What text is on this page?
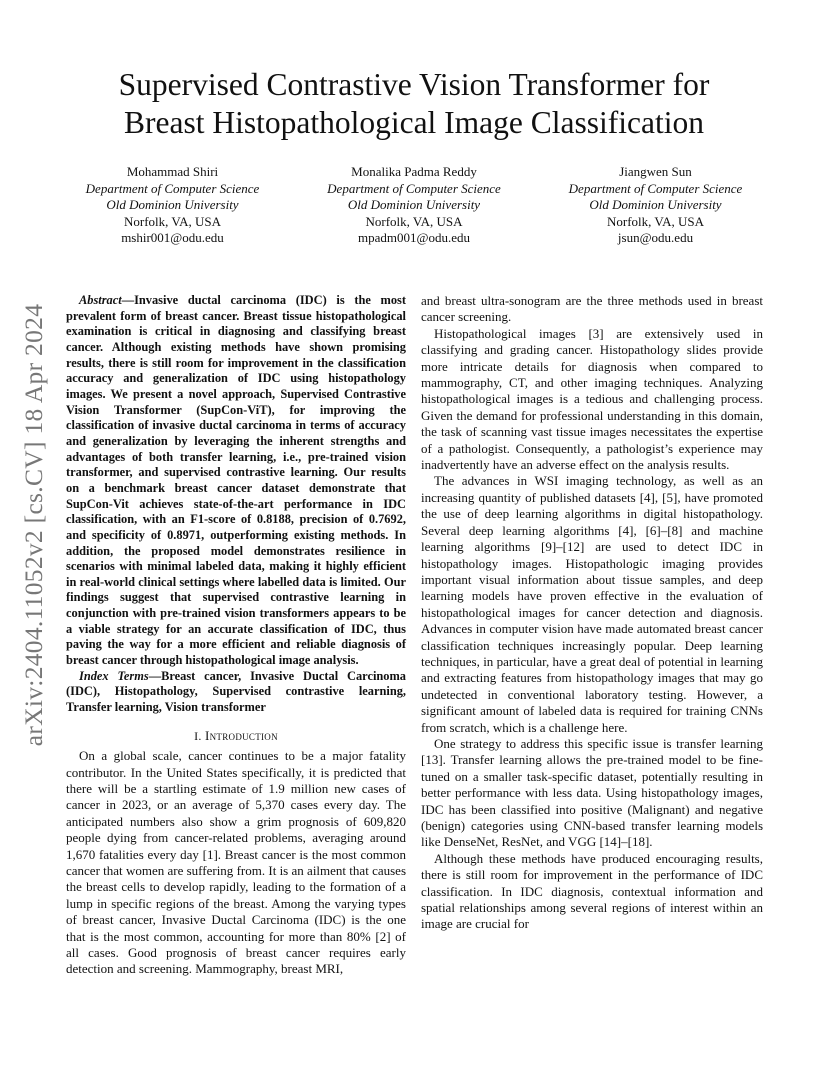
arXiv:2404.11052v2 [cs.CV] 18 Apr 2024
Supervised Contrastive Vision Transformer for
Breast Histopathological Image Classification
Mohammad Shiri
Department of Computer Science
Old Dominion University
Norfolk, VA, USA
mshir001@odu.edu
Monalika Padma Reddy
Department of Computer Science
Old Dominion University
Norfolk, VA, USA
mpadm001@odu.edu
Jiangwen Sun
Department of Computer Science
Old Dominion University
Norfolk, VA, USA
jsun@odu.edu

Abstract—Invasive ductal carcinoma (IDC) is the most prevalent form of breast cancer. Breast tissue histopathological examination is critical in diagnosing and classifying breast cancer. Although existing methods have shown promising results, there is still room for improvement in the classification accuracy and generalization of IDC using histopathology images. We present a novel approach, Supervised Contrastive Vision Transformer (SupCon-ViT), for improving the classification of invasive ductal carcinoma in terms of accuracy and generalization by leveraging the inherent strengths and advantages of both transfer learning, i.e., pre-trained vision transformer, and supervised contrastive learning. Our results on a benchmark breast cancer dataset demonstrate that SupCon-Vit achieves state-of-the-art performance in IDC classification, with an F1-score of 0.8188, precision of 0.7692, and specificity of 0.8971, outperforming existing methods. In addition, the proposed model demonstrates resilience in scenarios with minimal labeled data, making it highly efficient in real-world clinical settings where labelled data is limited. Our findings suggest that supervised contrastive learning in conjunction with pre-trained vision transformers appears to be a viable strategy for an accurate classification of IDC, thus paving the way for a more efficient and reliable diagnosis of breast cancer through histopathological image analysis.

Index Terms—Breast cancer, Invasive Ductal Carcinoma (IDC), Histopathology, Supervised contrastive learning, Transfer learning, Vision transformer

I. Introduction

On a global scale, cancer continues to be a major fatality contributor. In the United States specifically, it is predicted that there will be a startling estimate of 1.9 million new cases of cancer in 2023, or an average of 5,370 cases every day. The anticipated numbers also show a grim prognosis of 609,820 people dying from cancer-related problems, averaging around 1,670 fatalities every day [1]. Breast cancer is the most common cancer that women are suffering from. It is an ailment that causes the breast cells to develop rapidly, leading to the formation of a lump in specific regions of the breast. Among the varying types of breast cancer, Invasive Ductal Carcinoma (IDC) is the one that is the most common, accounting for more than 80% [2] of all cases. Good prognosis of breast cancer requires early detection and screening. Mammography, breast MRI,

and breast ultra-sonogram are the three methods used in breast cancer screening.

Histopathological images [3] are extensively used in classifying and grading cancer. Histopathology slides provide more intricate details for diagnosis when compared to mammography, CT, and other imaging techniques. Analyzing histopathological images is a tedious and challenging process. Given the demand for professional understanding in this domain, the task of scanning vast tissue images necessitates the expertise of a pathologist. Consequently, a pathologist’s experience may inadvertently have an adverse effect on the analysis results.

The advances in WSI imaging technology, as well as an increasing quantity of published datasets [4], [5], have promoted the use of deep learning algorithms in digital histopathology. Several deep learning algorithms [4], [6]–[8] and machine learning algorithms [9]–[12] are used to detect IDC in histopathology images. Histopathologic imaging provides important visual information about tissue samples, and deep learning models have proven effective in the evaluation of histopathological images for cancer detection and diagnosis. Advances in computer vision have made automated breast cancer classification techniques increasingly popular. Deep learning techniques, in particular, have a great deal of potential in learning and extracting features from histopathology images that may go undetected in conventional laboratory testing. However, a significant amount of labeled data is required for training CNNs from scratch, which is a challenge here.

One strategy to address this specific issue is transfer learning [13]. Transfer learning allows the pre-trained model to be fine-tuned on a smaller task-specific dataset, potentially resulting in better performance with less data. Using histopathology images, IDC has been classified into positive (Malignant) and negative (benign) categories using CNN-based transfer learning models like DenseNet, ResNet, and VGG [14]–[18].

Although these methods have produced encouraging results, there is still room for improvement in the performance of IDC classification. In IDC diagnosis, contextual information and spatial relationships among several regions of interest within an image are crucial for
